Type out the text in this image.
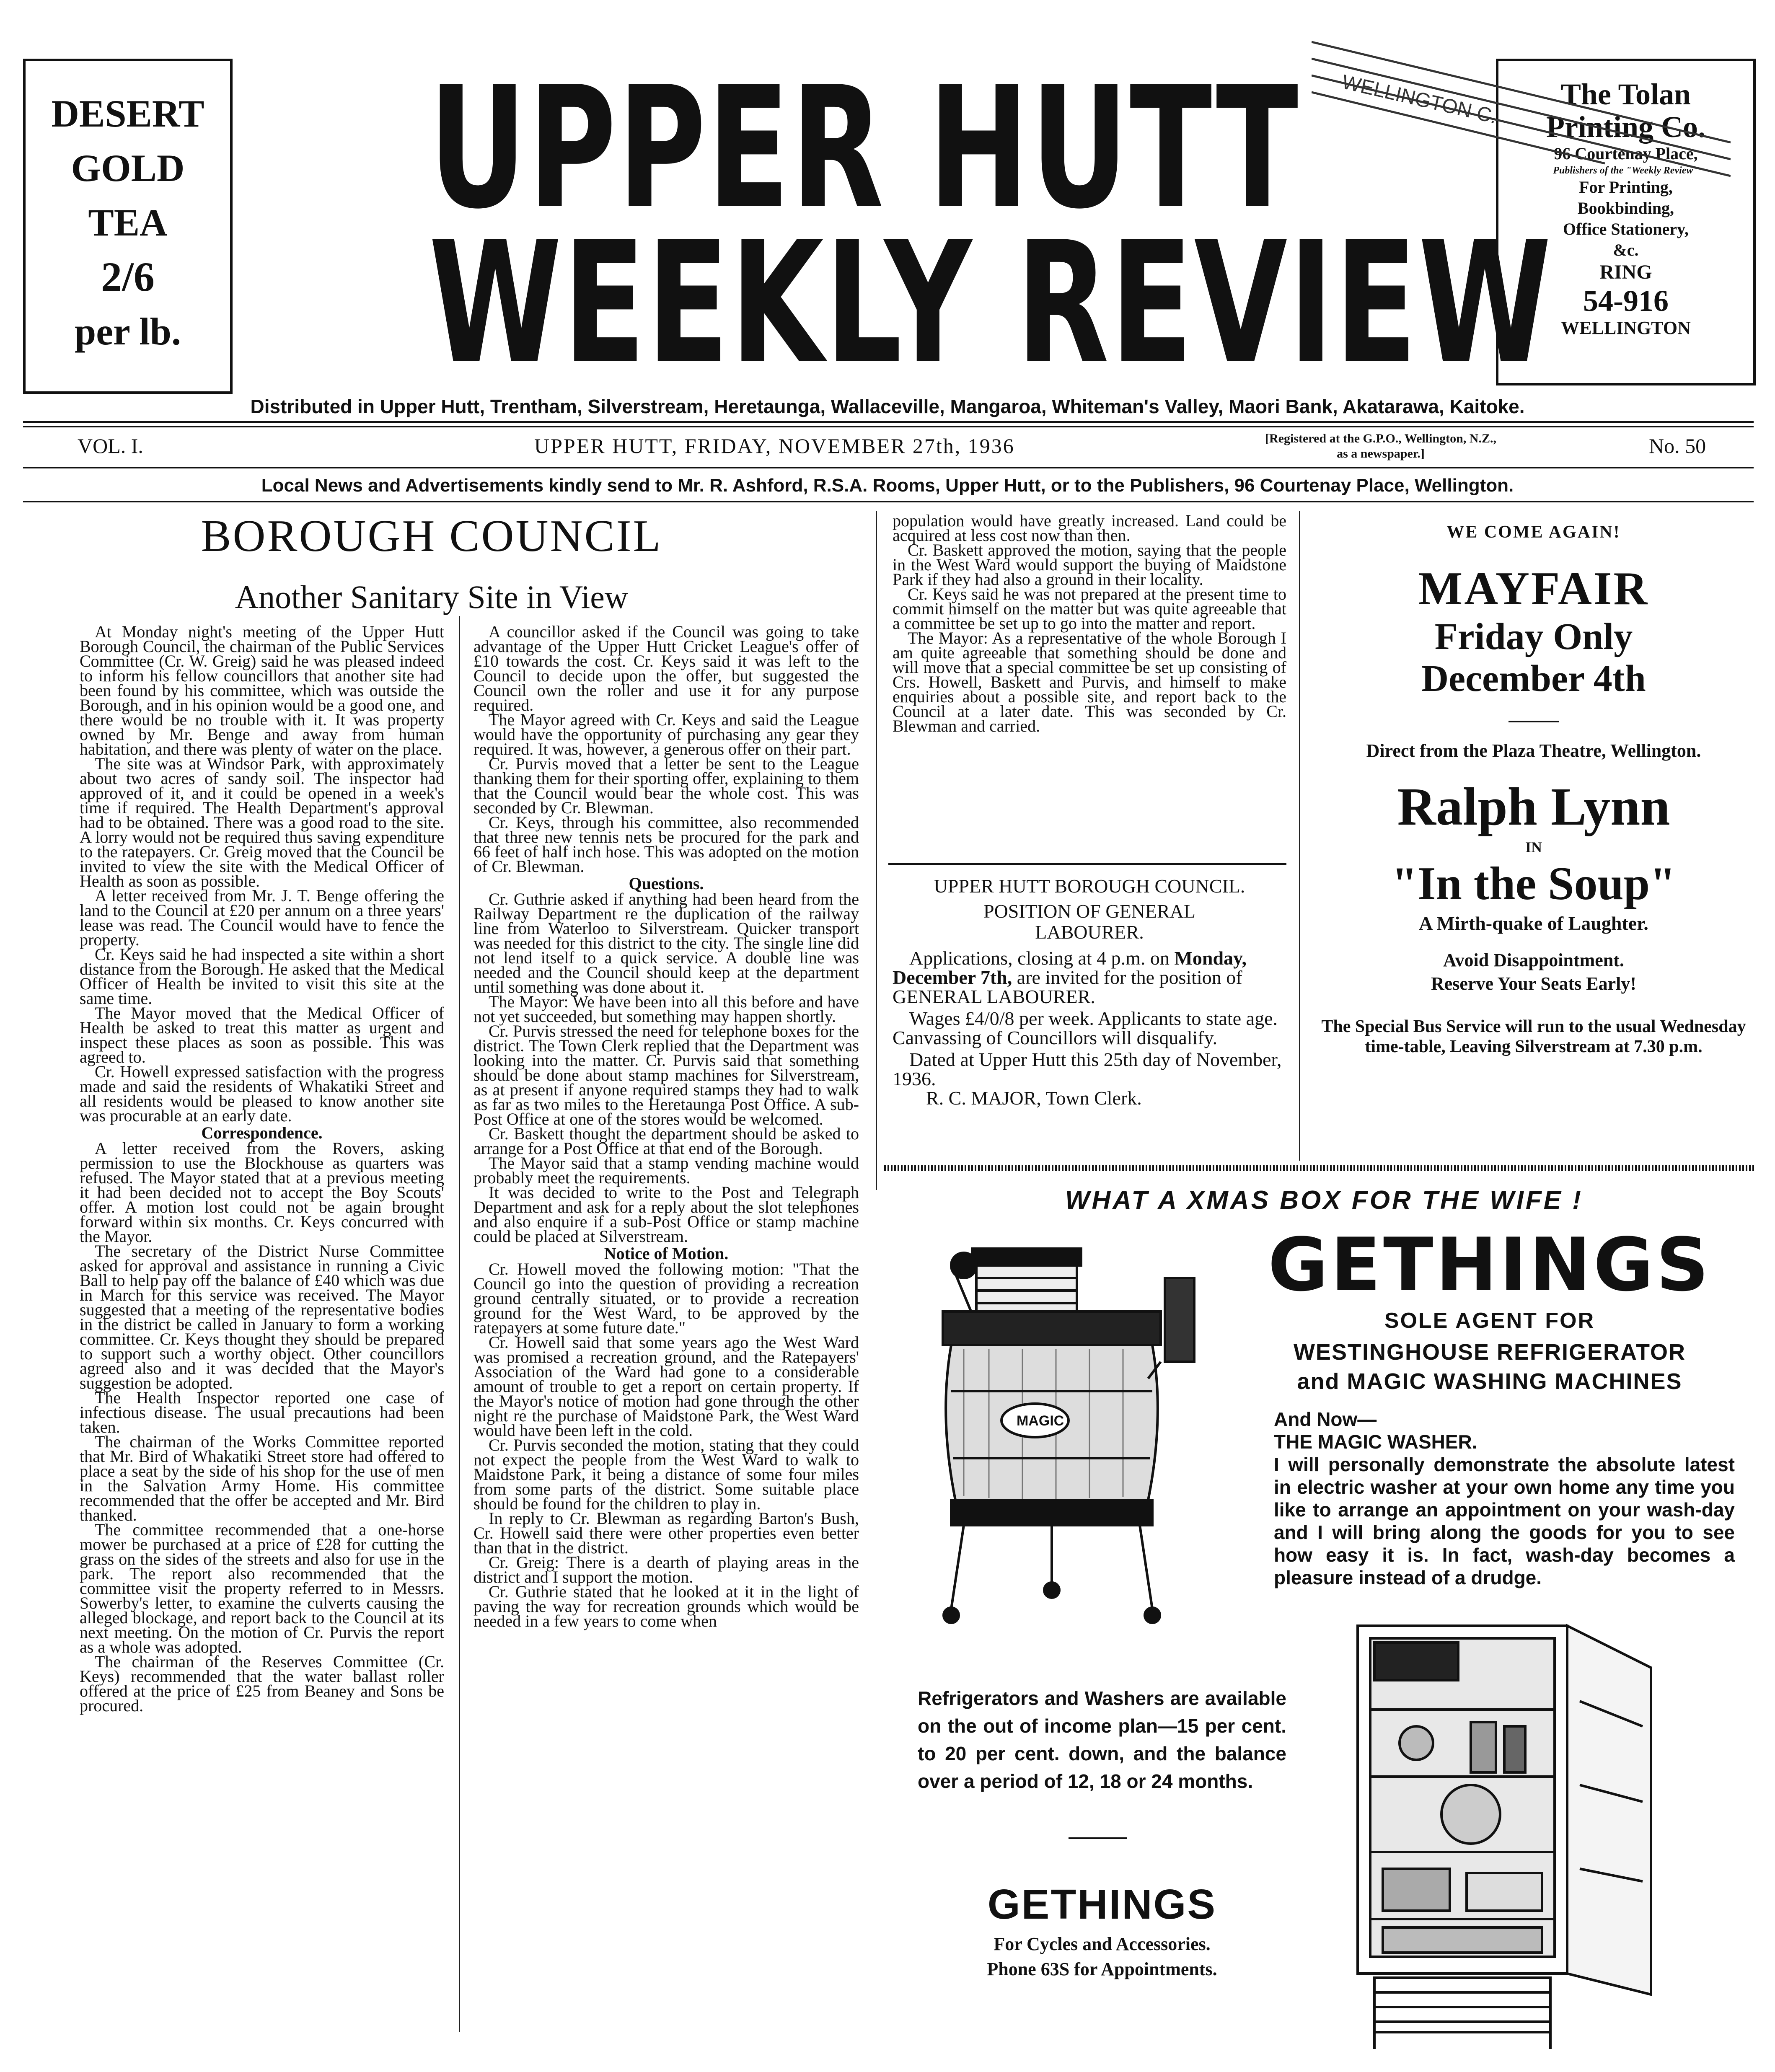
DESERT
GOLD
TEA
2/6
per lb.
UPPER HUTT
WEEKLY REVIEW
The Tolan Printing Co.
96 Courtenay Place,
Publishers of the "Weekly Review"
For Printing,
Bookbinding,
Office Stationery,
&c.
RING
54-916
WELLINGTON
WELLINGTON C.
Distributed in Upper Hutt, Trentham, Silverstream, Heretaunga, Wallaceville, Mangaroa, Whiteman's Valley, Maori Bank, Akatarawa, Kaitoke.
VOL. I.	UPPER HUTT, FRIDAY, NOVEMBER 27th, 1936	[Registered at the G.P.O., Wellington, N.Z., as a newspaper.]	No. 50
Local News and Advertisements kindly send to Mr. R. Ashford, R.S.A. Rooms, Upper Hutt, or to the Publishers, 96 Courtenay Place, Wellington.
BOROUGH COUNCIL
Another Sanitary Site in View

At Monday night's meeting of the Upper Hutt Borough Council, the chairman of the Public Services Committee (Cr. W. Greig) said he was pleased indeed to inform his fellow councillors that another site had been found by his committee, which was outside the Borough, and in his opinion would be a good one, and there would be no trouble with it. It was property owned by Mr. Benge and away from human habitation, and there was plenty of water on the place.

The site was at Windsor Park, with approximately about two acres of sandy soil. The inspector had approved of it, and it could be opened in a week's time if required. The Health Department's approval had to be obtained. There was a good road to the site. A lorry would not be required thus saving expenditure to the ratepayers. Cr. Greig moved that the Council be invited to view the site with the Medical Officer of Health as soon as possible.

A letter received from Mr. J. T. Benge offering the land to the Council at £20 per annum on a three years' lease was read. The Council would have to fence the property.

Cr. Keys said he had inspected a site within a short distance from the Borough. He asked that the Medical Officer of Health be invited to visit this site at the same time.

The Mayor moved that the Medical Officer of Health be asked to treat this matter as urgent and inspect these places as soon as possible. This was agreed to.

Cr. Howell expressed satisfaction with the progress made and said the residents of Whakatiki Street and all residents would be pleased to know another site was procurable at an early date.

Correspondence.

A letter received from the Rovers, asking permission to use the Blockhouse as quarters was refused. The Mayor stated that at a previous meeting it had been decided not to accept the Boy Scouts' offer. A motion lost could not be again brought forward within six months. Cr. Keys concurred with the Mayor.

The secretary of the District Nurse Committee asked for approval and assistance in running a Civic Ball to help pay off the balance of £40 which was due in March for this service was received. The Mayor suggested that a meeting of the representative bodies in the district be called in January to form a working committee. Cr. Keys thought they should be prepared to support such a worthy object. Other councillors agreed also and it was decided that the Mayor's suggestion be adopted.

The Health Inspector reported one case of infectious disease. The usual precautions had been taken.

The chairman of the Works Committee reported that Mr. Bird of Whakatiki Street store had offered to place a seat by the side of his shop for the use of men in the Salvation Army Home. His committee recommended that the offer be accepted and Mr. Bird thanked.

The committee recommended that a one-horse mower be purchased at a price of £28 for cutting the grass on the sides of the streets and also for use in the park. The report also recommended that the committee visit the property referred to in Messrs. Sowerby's letter, to examine the culverts causing the alleged blockage, and report back to the Council at its next meeting. On the motion of Cr. Purvis the report as a whole was adopted.

The chairman of the Reserves Committee (Cr. Keys) recommended that the water ballast roller offered at the price of £25 from Beaney and Sons be procured.

A councillor asked if the Council was going to take advantage of the Upper Hutt Cricket League's offer of £10 towards the cost. Cr. Keys said it was left to the Council to decide upon the offer, but suggested the Council own the roller and use it for any purpose required.

The Mayor agreed with Cr. Keys and said the League would have the opportunity of purchasing any gear they required. It was, however, a generous offer on their part.

Cr. Purvis moved that a letter be sent to the League thanking them for their sporting offer, explaining to them that the Council would bear the whole cost. This was seconded by Cr. Blewman.

Cr. Keys, through his committee, also recommended that three new tennis nets be procured for the park and 66 feet of half inch hose. This was adopted on the motion of Cr. Blewman.

Questions.

Cr. Guthrie asked if anything had been heard from the Railway Department re the duplication of the railway line from Waterloo to Silverstream. Quicker transport was needed for this district to the city. The single line did not lend itself to a quick service. A double line was needed and the Council should keep at the department until something was done about it.

The Mayor: We have been into all this before and have not yet succeeded, but something may happen shortly.

Cr. Purvis stressed the need for telephone boxes for the district. The Town Clerk replied that the Department was looking into the matter. Cr. Purvis said that something should be done about stamp machines for Silverstream, as at present if anyone required stamps they had to walk as far as two miles to the Heretaunga Post Office. A sub-Post Office at one of the stores would be welcomed.

Cr. Baskett thought the department should be asked to arrange for a Post Office at that end of the Borough.

The Mayor said that a stamp vending machine would probably meet the requirements.

It was decided to write to the Post and Telegraph Department and ask for a reply about the slot telephones and also enquire if a sub-Post Office or stamp machine could be placed at Silverstream.

Notice of Motion.

Cr. Howell moved the following motion: "That the Council go into the question of providing a recreation ground centrally situated, or to provide a recreation ground for the West Ward, to be approved by the ratepayers at some future date."

Cr. Howell said that some years ago the West Ward was promised a recreation ground, and the Ratepayers' Association of the Ward had gone to a considerable amount of trouble to get a report on certain property. If the Mayor's notice of motion had gone through the other night re the purchase of Maidstone Park, the West Ward would have been left in the cold.

Cr. Purvis seconded the motion, stating that they could not expect the people from the West Ward to walk to Maidstone Park, it being a distance of some four miles from some parts of the district. Some suitable place should be found for the children to play in.

In reply to Cr. Blewman as regarding Barton's Bush, Cr. Howell said there were other properties even better than that in the district.

Cr. Greig: There is a dearth of playing areas in the district and I support the motion.

Cr. Guthrie stated that he looked at it in the light of paving the way for recreation grounds which would be needed in a few years to come when

population would have greatly increased. Land could be acquired at less cost now than then.

Cr. Baskett approved the motion, saying that the people in the West Ward would support the buying of Maidstone Park if they had also a ground in their locality.

Cr. Keys said he was not prepared at the present time to commit himself on the matter but was quite agreeable that a committee be set up to go into the matter and report.

The Mayor: As a representative of the whole Borough I am quite agreeable that something should be done and will move that a special committee be set up consisting of Crs. Howell, Baskett and Purvis, and himself to make enquiries about a possible site, and report back to the Council at a later date. This was seconded by Cr. Blewman and carried.

UPPER HUTT BOROUGH COUNCIL.
POSITION OF GENERAL LABOURER.

Applications, closing at 4 p.m. on Monday, December 7th, are invited for the position of GENERAL LABOURER.

Wages £4/0/8 per week. Applicants to state age. Canvassing of Councillors will disqualify.

Dated at Upper Hutt this 25th day of November, 1936.

R. C. MAJOR, Town Clerk.

WE COME AGAIN!
MAYFAIR
Friday Only
December 4th
Direct from the Plaza Theatre, Wellington.
Ralph Lynn
IN
"In the Soup"
A Mirth-quake of Laughter.
Avoid Disappointment.
Reserve Your Seats Early!
The Special Bus Service will run to the usual Wednesday time-table, Leaving Silverstream at 7.30 p.m.
WHAT A XMAS BOX FOR THE WIFE !
GETHINGS
SOLE AGENT FOR
WESTINGHOUSE REFRIGERATOR
and MAGIC WASHING MACHINES
And Now—
THE MAGIC WASHER.
I will personally demonstrate the absolute latest in electric washer at your own home any time you like to arrange an appointment on your wash-day and I will bring along the goods for you to see how easy it is. In fact, wash-day becomes a pleasure instead of a drudge.
MAGIC
Refrigerators and Washers are available on the out of income plan—15 per cent. to 20 per cent. down, and the balance over a period of 12, 18 or 24 months.
GETHINGS
For Cycles and Accessories.
Phone 63S for Appointments.
